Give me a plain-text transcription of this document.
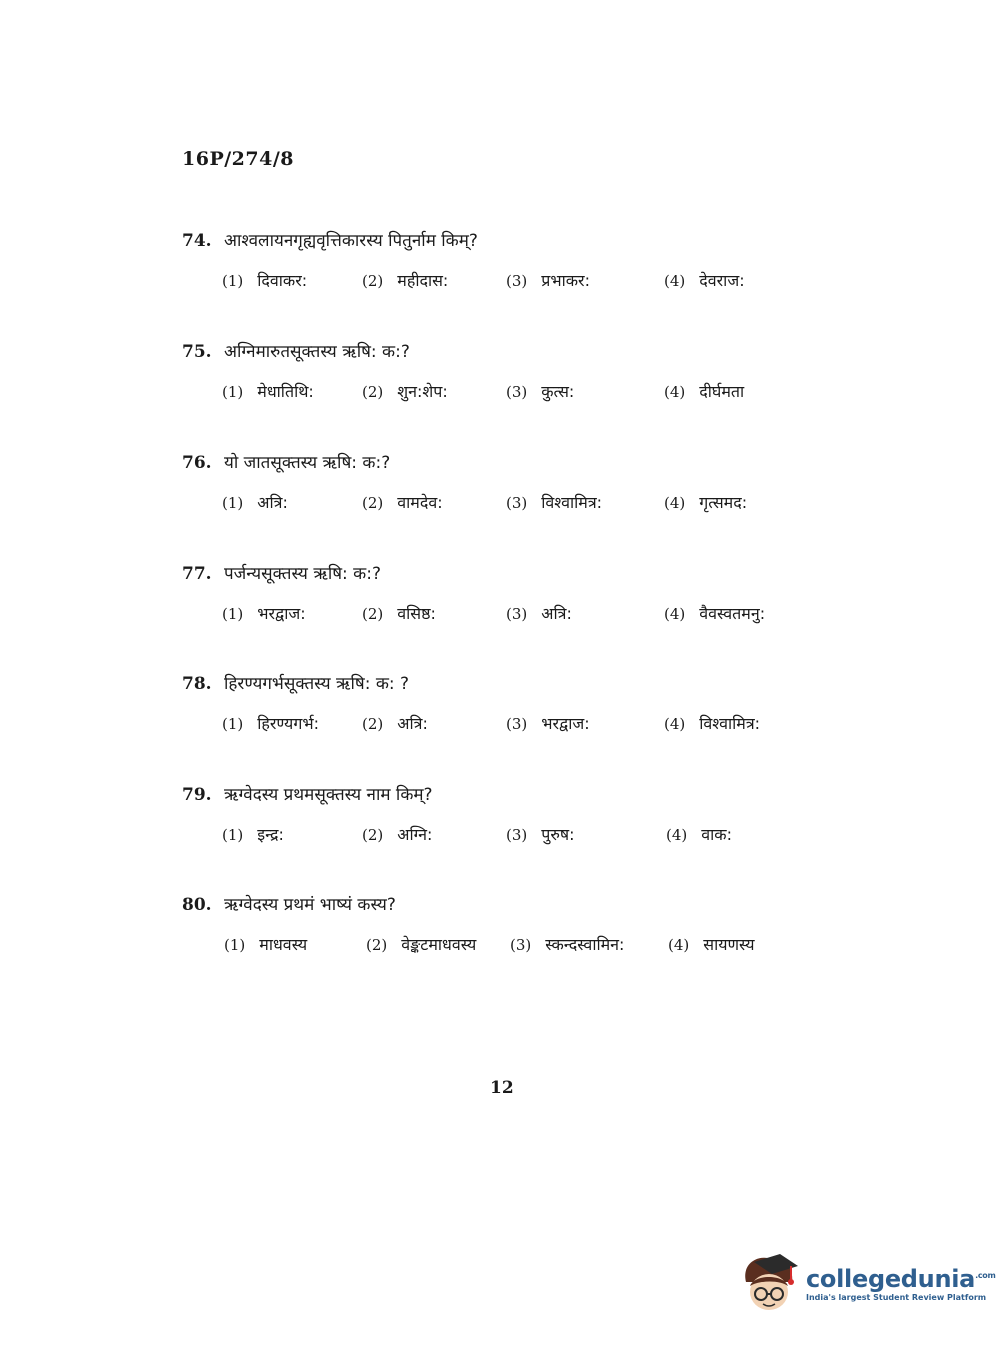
16P/274/8
74. आश्वलायनगृह्यवृत्तिकारस्य पितुर्नाम किम्?
(1) दिवाकर:	(2) महीदास:	(3) प्रभाकर:	(4) देवराज:
75. अग्निमारुतसूक्तस्य ऋषि: क:?
(1) मेधातिथि:	(2) शुन:शेप:	(3) कुत्स:	(4) दीर्घमता
76. यो जातसूक्तस्य ऋषि: क:?
(1) अत्रि:	(2) वामदेव:	(3) विश्वामित्र:	(4) गृत्समद:
77. पर्जन्यसूक्तस्य ऋषि: क:?
(1) भरद्वाज:	(2) वसिष्ठ:	(3) अत्रि:	(4) वैवस्वतमनु:
78. हिरण्यगर्भसूक्तस्य ऋषि: क: ?
(1) हिरण्यगर्भ:	(2) अत्रि:	(3) भरद्वाज:	(4) विश्वामित्र:
79. ऋग्वेदस्य प्रथमसूक्तस्य नाम किम्?
(1) इन्द्र:	(2) अग्नि:	(3) पुरुष:	(4) वाक:
80. ऋग्वेदस्य प्रथमं भाष्यं कस्य?
(1) माधवस्य	(2) वेङ्कटमाधवस्य (3) स्कन्दस्वामिन:	(4) सायणस्य
12
collegedunia$^{.com}$
India's largest Student Review Platform
